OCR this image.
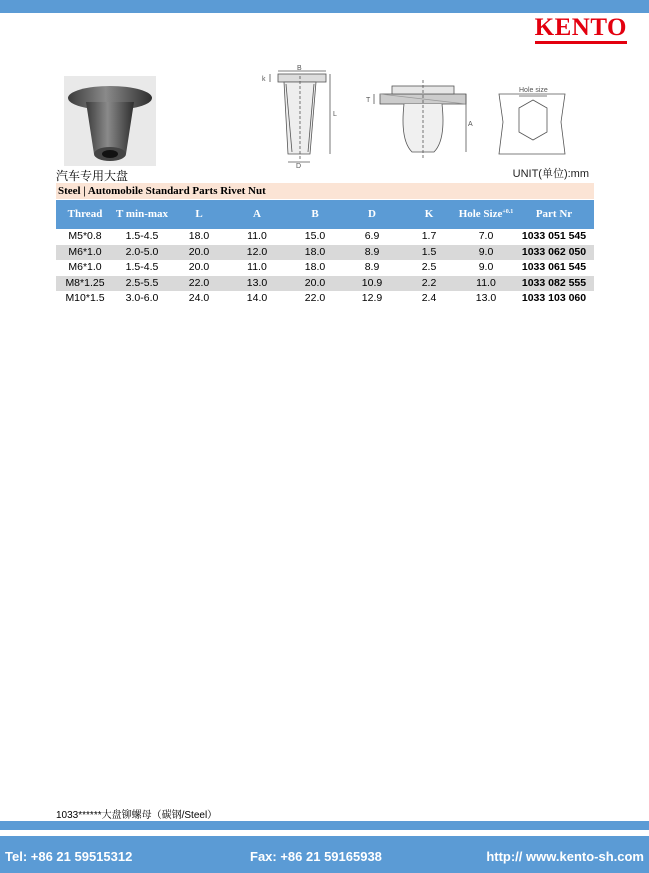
KENTO
B
k
L
D
T
A
Hole size
汽车专用大盘	UNIT(单位):mm
Steel | Automobile Standard Parts Rivet Nut
Thread	T min-max	L	A	B	D	K	Hole Size$^{+0.1}$	Part Nr
M5*0.8	1.5-4.5	18.0	11.0	15.0	6.9	1.7	7.0	1033 051 545
M6*1.0	2.0-5.0	20.0	12.0	18.0	8.9	1.5	9.0	1033 062 050
M6*1.0	1.5-4.5	20.0	11.0	18.0	8.9	2.5	9.0	1033 061 545
M8*1.25	2.5-5.5	22.0	13.0	20.0	10.9	2.2	11.0	1033 082 555
M10*1.5	3.0-6.0	24.0	14.0	22.0	12.9	2.4	13.0	1033 103 060
1033******大盘铆螺母（碳钢/Steel）
Tel: +86 21 59515312	Fax: +86 21 59165938	http:// www.kento-sh.com
